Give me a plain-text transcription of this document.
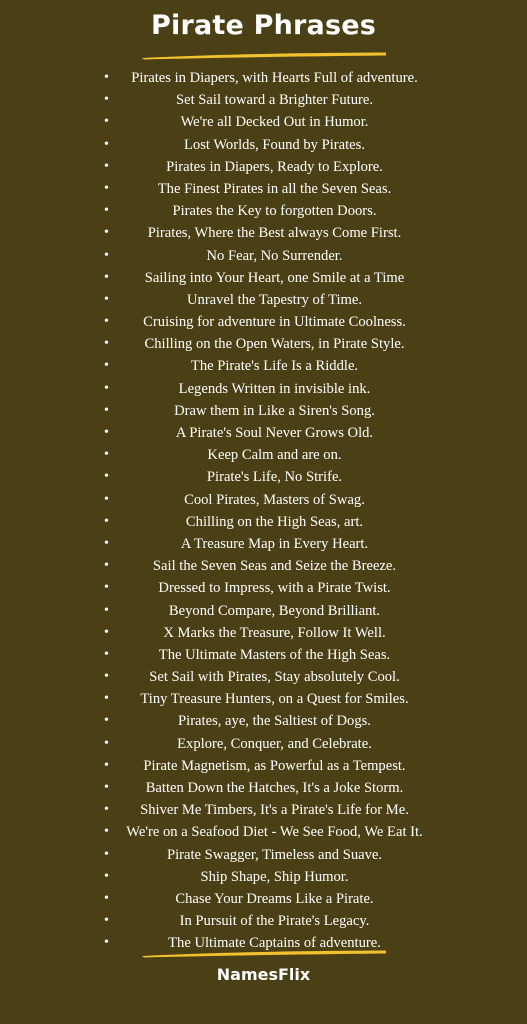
Pirate Phrases
• Pirates in Diapers, with Hearts Full of adventure.
•	Set Sail toward a Brighter Future.
•	We're all Decked Out in Humor.
•	Lost Worlds, Found by Pirates.
•	Pirates in Diapers, Ready to Explore.
•	The Finest Pirates in all the Seven Seas.
•	Pirates the Key to forgotten Doors.
•	Pirates, Where the Best always Come First.
•	No Fear, No Surrender.
• Sailing into Your Heart, one Smile at a Time
•	Unravel the Tapestry of Time.
• Cruising for adventure in Ultimate Coolness.
• Chilling on the Open Waters, in Pirate Style.
•	The Pirate's Life Is a Riddle.
•	Legends Written in invisible ink.
•	Draw them in Like a Siren's Song.
•	A Pirate's Soul Never Grows Old.
•	Keep Calm and are on.
•	Pirate's Life, No Strife.
•	Cool Pirates, Masters of Swag.
•	Chilling on the High Seas, art.
•	A Treasure Map in Every Heart.
•	Sail the Seven Seas and Seize the Breeze.
•	Dressed to Impress, with a Pirate Twist.
•	Beyond Compare, Beyond Brilliant.
•	X Marks the Treasure, Follow It Well.
•	The Ultimate Masters of the High Seas.
•	Set Sail with Pirates, Stay absolutely Cool.
• Tiny Treasure Hunters, on a Quest for Smiles.
•	Pirates, aye, the Saltiest of Dogs.
•	Explore, Conquer, and Celebrate.
• Pirate Magnetism, as Powerful as a Tempest.
•	Batten Down the Hatches, It's a Joke Storm.
• Shiver Me Timbers, It's a Pirate's Life for Me.
• We're on a Seafood Diet - We See Food, We Eat It.
•	Pirate Swagger, Timeless and Suave.
•	Ship Shape, Ship Humor.
•	Chase Your Dreams Like a Pirate.
•	In Pursuit of the Pirate's Legacy.
•	The Ultimate Captains of adventure.
NamesFlix
